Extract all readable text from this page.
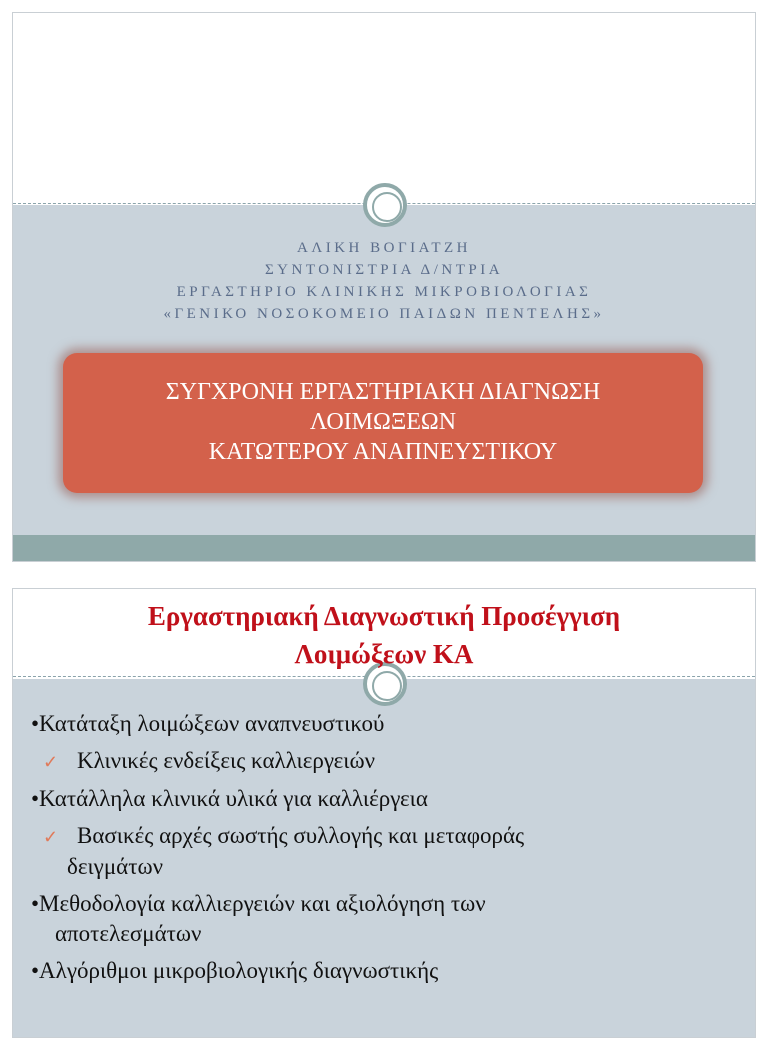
ΑΛΙΚΗ ΒΟΓΙΑΤΖΗ
ΣΥΝΤΟΝΙΣΤΡΙΑ Δ/ΝΤΡΙΑ
ΕΡΓΑΣΤΗΡΙΟ ΚΛΙΝΙΚΗΣ ΜΙΚΡΟΒΙΟΛΟΓΙΑΣ
«ΓΕΝΙΚΟ ΝΟΣΟΚΟΜΕΙΟ ΠΑΙΔΩΝ ΠΕΝΤΕΛΗΣ»
ΣΥΓΧΡΟΝΗ ΕΡΓΑΣΤΗΡΙΑΚΗ ΔΙΑΓΝΩΣΗ
ΛΟΙΜΩΞΕΩΝ
ΚΑΤΩΤΕΡΟΥ ΑΝΑΠΝΕΥΣΤΙΚΟΥ
Εργαστηριακή Διαγνωστική Προσέγγιση
Λοιμώξεων ΚΑ
•Κατάταξη λοιμώξεων αναπνευστικού
✓ Κλινικές ενδείξεις καλλιεργειών
•Κατάλληλα κλινικά υλικά για καλλιέργεια
✓ Βασικές αρχές σωστής συλλογής και μεταφοράς
δειγμάτων
•Μεθοδολογία καλλιεργειών και αξιολόγηση των
αποτελεσμάτων
•Αλγόριθμοι μικροβιολογικής διαγνωστικής
